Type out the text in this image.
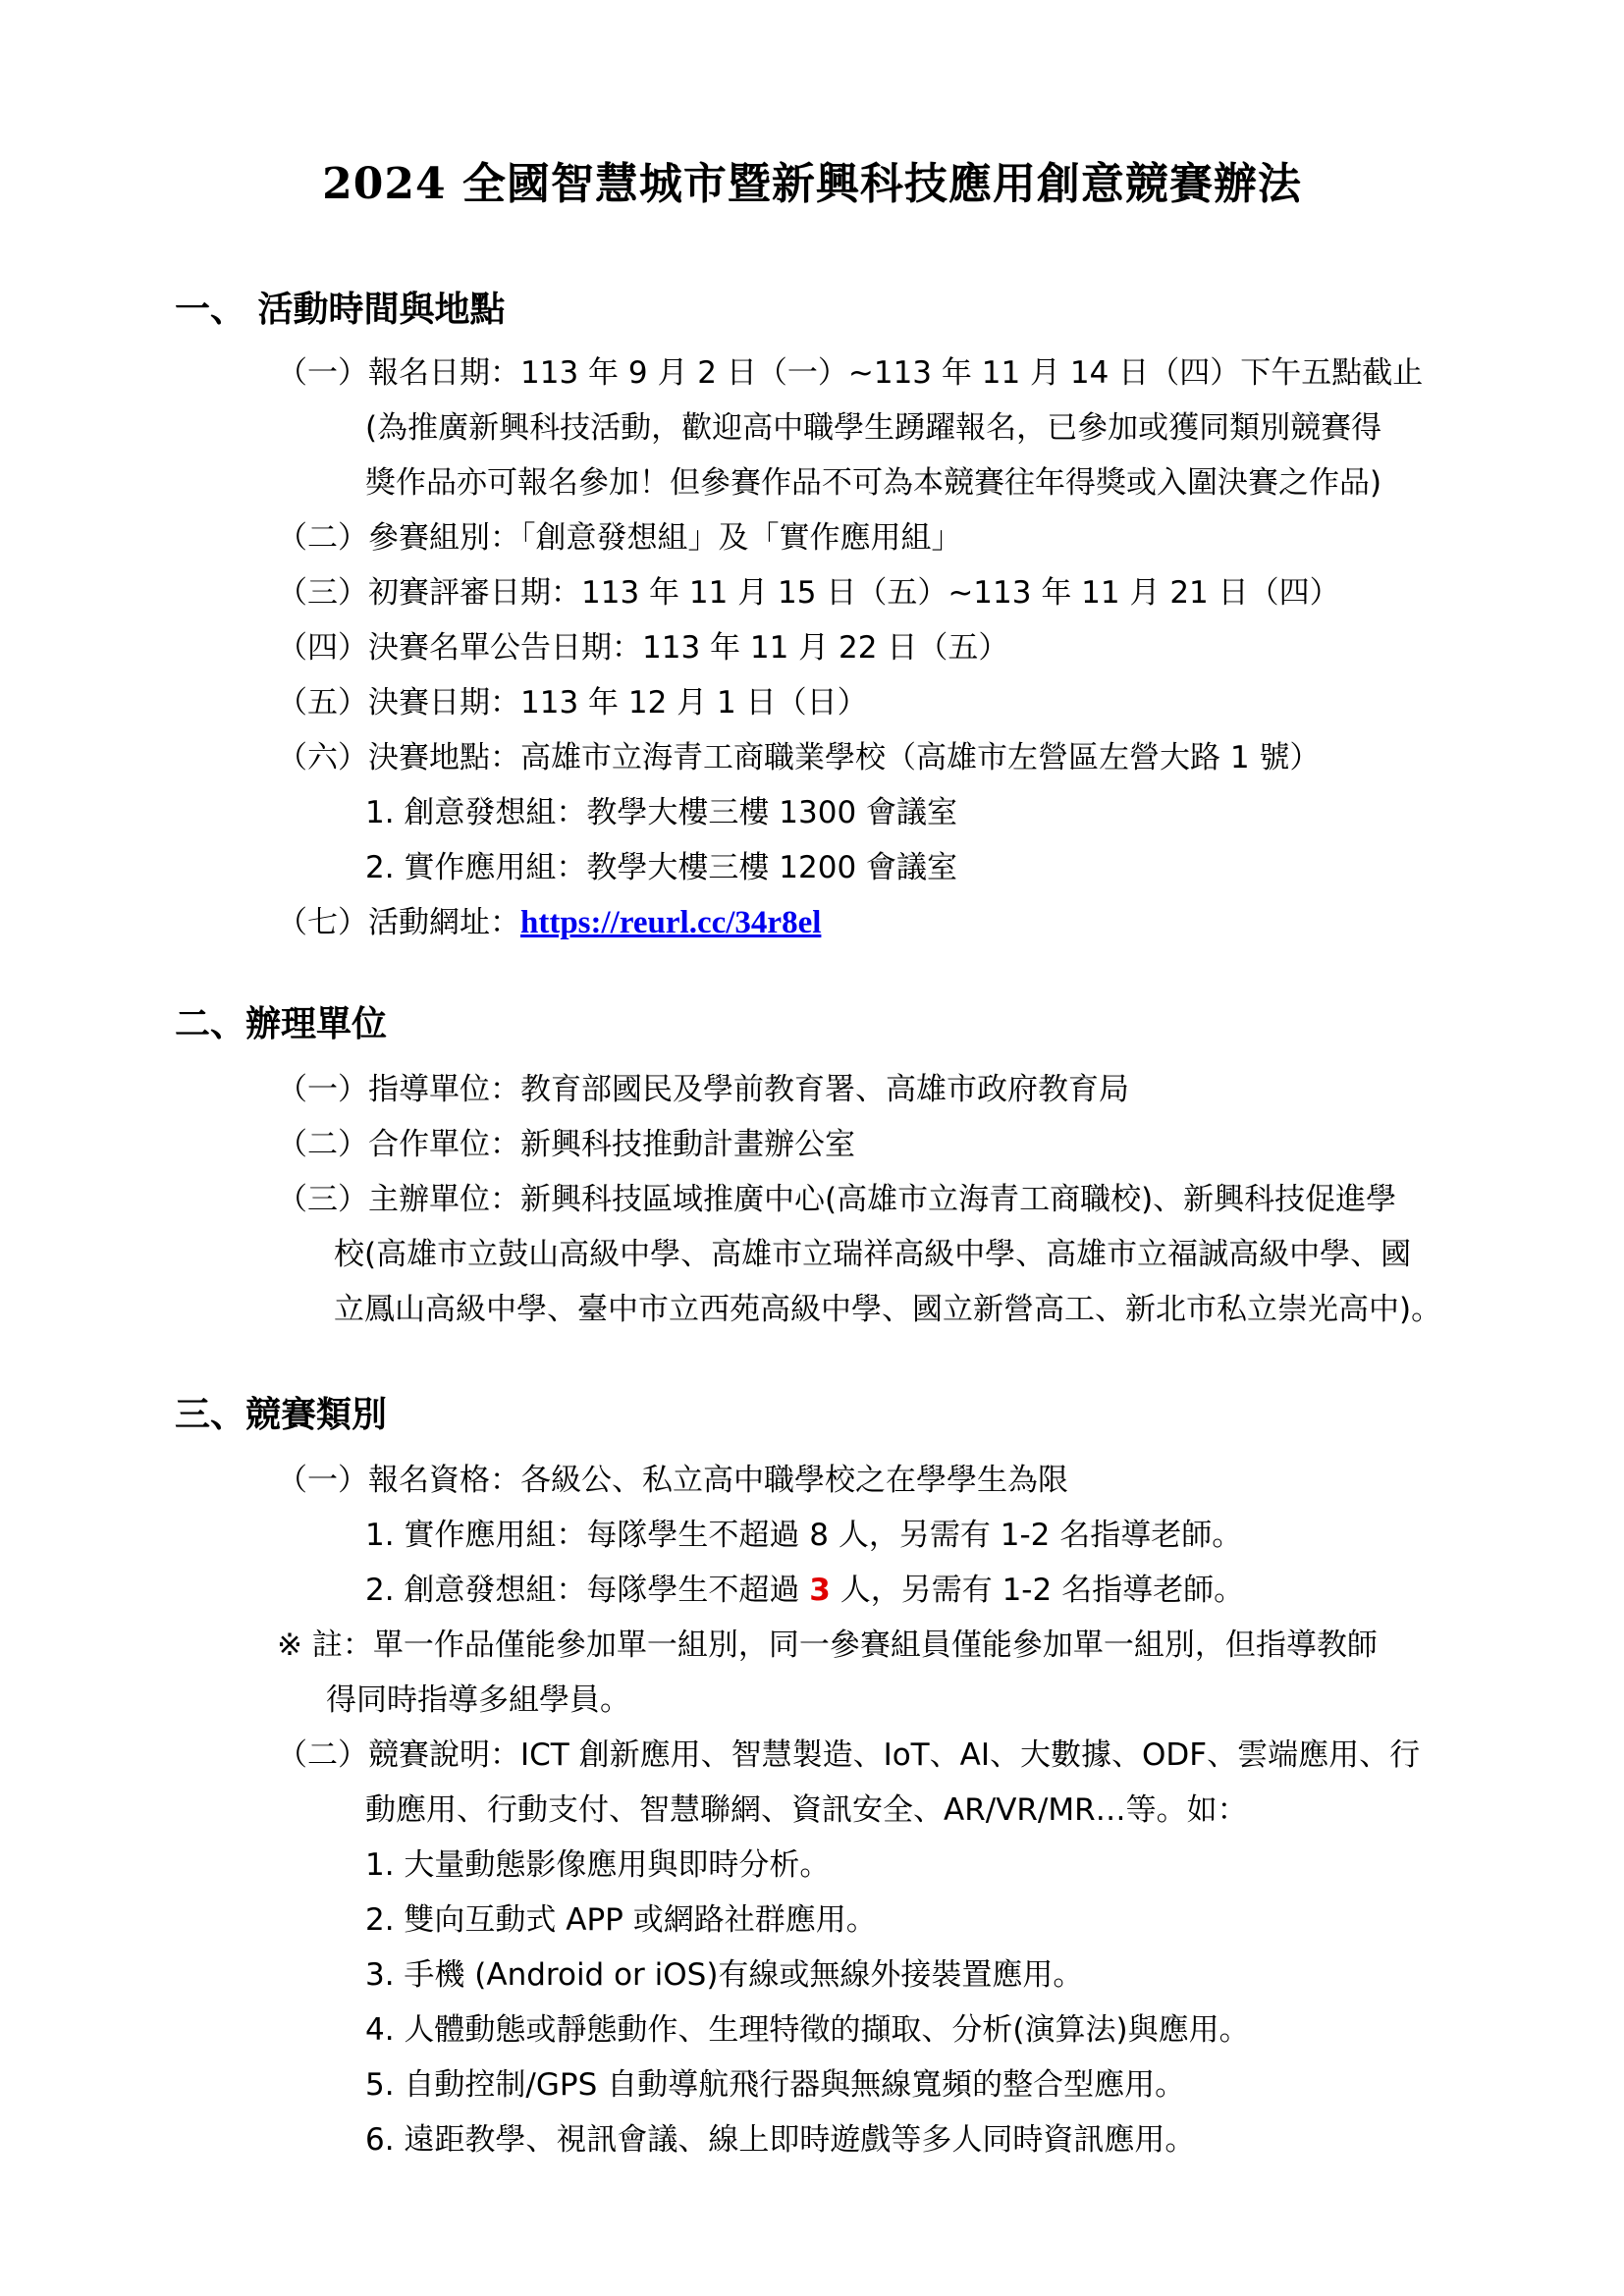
2024 全國智慧城市暨新興科技應用創意競賽辦法
一、 活動時間與地點
（一）報名日期：113 年 9 月 2 日（一）~113 年 11 月 14 日（四）下午五點截止
(為推廣新興科技活動，歡迎高中職學生踴躍報名，已參加或獲同類別競賽得
獎作品亦可報名參加！但參賽作品不可為本競賽往年得獎或入圍決賽之作品)
（二）參賽組別：「創意發想組」及「實作應用組」
（三）初賽評審日期：113 年 11 月 15 日（五）~113 年 11 月 21 日（四）
（四）決賽名單公告日期：113 年 11 月 22 日（五）
（五）決賽日期：113 年 12 月 1 日（日）
（六）決賽地點：高雄市立海青工商職業學校（高雄市左營區左營大路 1 號）
1. 創意發想組：教學大樓三樓 1300 會議室
2. 實作應用組：教學大樓三樓 1200 會議室
（七）活動網址：https://reurl.cc/34r8el
二、辦理單位
（一）指導單位：教育部國民及學前教育署、高雄市政府教育局
（二）合作單位：新興科技推動計畫辦公室
（三）主辦單位：新興科技區域推廣中心(高雄市立海青工商職校)、新興科技促進學
校(高雄市立鼓山高級中學、高雄市立瑞祥高級中學、高雄市立福誠高級中學、國
立鳳山高級中學、臺中市立西苑高級中學、國立新營高工、新北市私立崇光高中)。
三、競賽類別
（一）報名資格：各級公、私立高中職學校之在學學生為限
1. 實作應用組：每隊學生不超過 8 人，另需有 1-2 名指導老師。
2. 創意發想組：每隊學生不超過 3 人，另需有 1-2 名指導老師。
※ 註：單一作品僅能參加單一組別，同一參賽組員僅能參加單一組別，但指導教師
得同時指導多組學員。
（二）競賽說明：ICT 創新應用、智慧製造、IoT、AI、大數據、ODF、雲端應用、行
動應用、行動支付、智慧聯網、資訊安全、AR/VR/MR…等。如：
1. 大量動態影像應用與即時分析。
2. 雙向互動式 APP 或網路社群應用。
3. 手機 (Android or iOS)有線或無線外接裝置應用。
4. 人體動態或靜態動作、生理特徵的擷取、分析(演算法)與應用。
5. 自動控制/GPS 自動導航飛行器與無線寬頻的整合型應用。
6. 遠距教學、視訊會議、線上即時遊戲等多人同時資訊應用。
